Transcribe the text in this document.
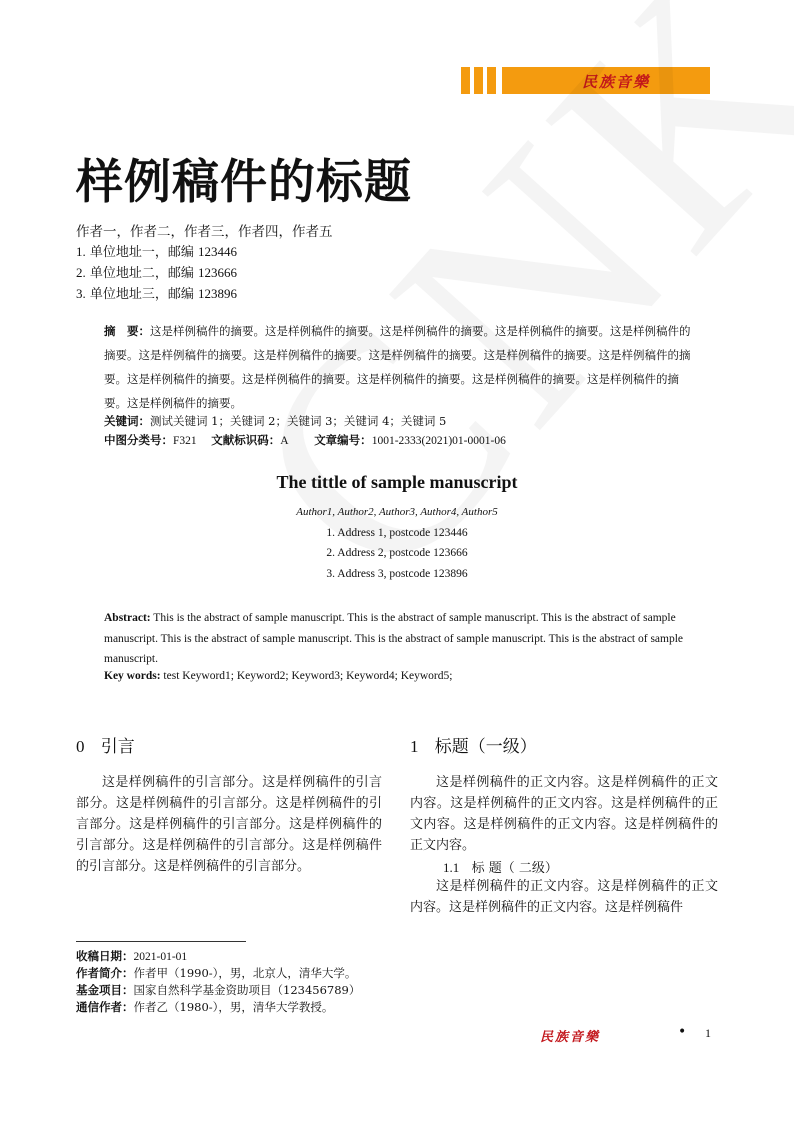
民族音樂
样例稿件的标题
作者一，作者二，作者三，作者四，作者五
1. 单位地址一，邮编 123446
2. 单位地址二，邮编 123666
3. 单位地址三，邮编 123896
摘　要：这是样例稿件的摘要。这是样例稿件的摘要。这是样例稿件的摘要。这是样例稿件的摘要。这是样例稿件的摘要。这是样例稿件的摘要。这是样例稿件的摘要。这是样例稿件的摘要。这是样例稿件的摘要。这是样例稿件的摘要。这是样例稿件的摘要。这是样例稿件的摘要。这是样例稿件的摘要。这是样例稿件的摘要。这是样例稿件的摘要。这是样例稿件的摘要。
关键词：测试关键词 1；关键词 2；关键词 3；关键词 4；关键词 5
中图分类号：F321 文献标识码：A 文章编号：1001-2333(2021)01-0001-06
The tittle of sample manuscript
Author1, Author2, Author3, Author4, Author5
1. Address 1, postcode 123446
2. Address 2, postcode 123666
3. Address 3, postcode 123896
Abstract: This is the abstract of sample manuscript. This is the abstract of sample manuscript. This is the abstract of sample manuscript. This is the abstract of sample manuscript. This is the abstract of sample manuscript. This is the abstract of sample manuscript.
Key words: test Keyword1; Keyword2; Keyword3; Keyword4; Keyword5;
0 引言
这是样例稿件的引言部分。这是样例稿件的引言部分。这是样例稿件的引言部分。这是样例稿件的引言部分。这是样例稿件的引言部分。这是样例稿件的引言部分。这是样例稿件的引言部分。这是样例稿件的引言部分。这是样例稿件的引言部分。
1 标题（一级）
这是样例稿件的正文内容。这是样例稿件的正文内容。这是样例稿件的正文内容。这是样例稿件的正文内容。这是样例稿件的正文内容。这是样例稿件的正文内容。
1.1 标 题（ 二级）
这是样例稿件的正文内容。这是样例稿件的正文内容。这是样例稿件的正文内容。这是样例稿件
收稿日期：2021-01-01
作者简介：作者甲（1990-），男，北京人，清华大学。
基金项目：国家自然科学基金资助项目（123456789）
通信作者：作者乙（1980-），男，清华大学教授。
民族音樂	• 1
